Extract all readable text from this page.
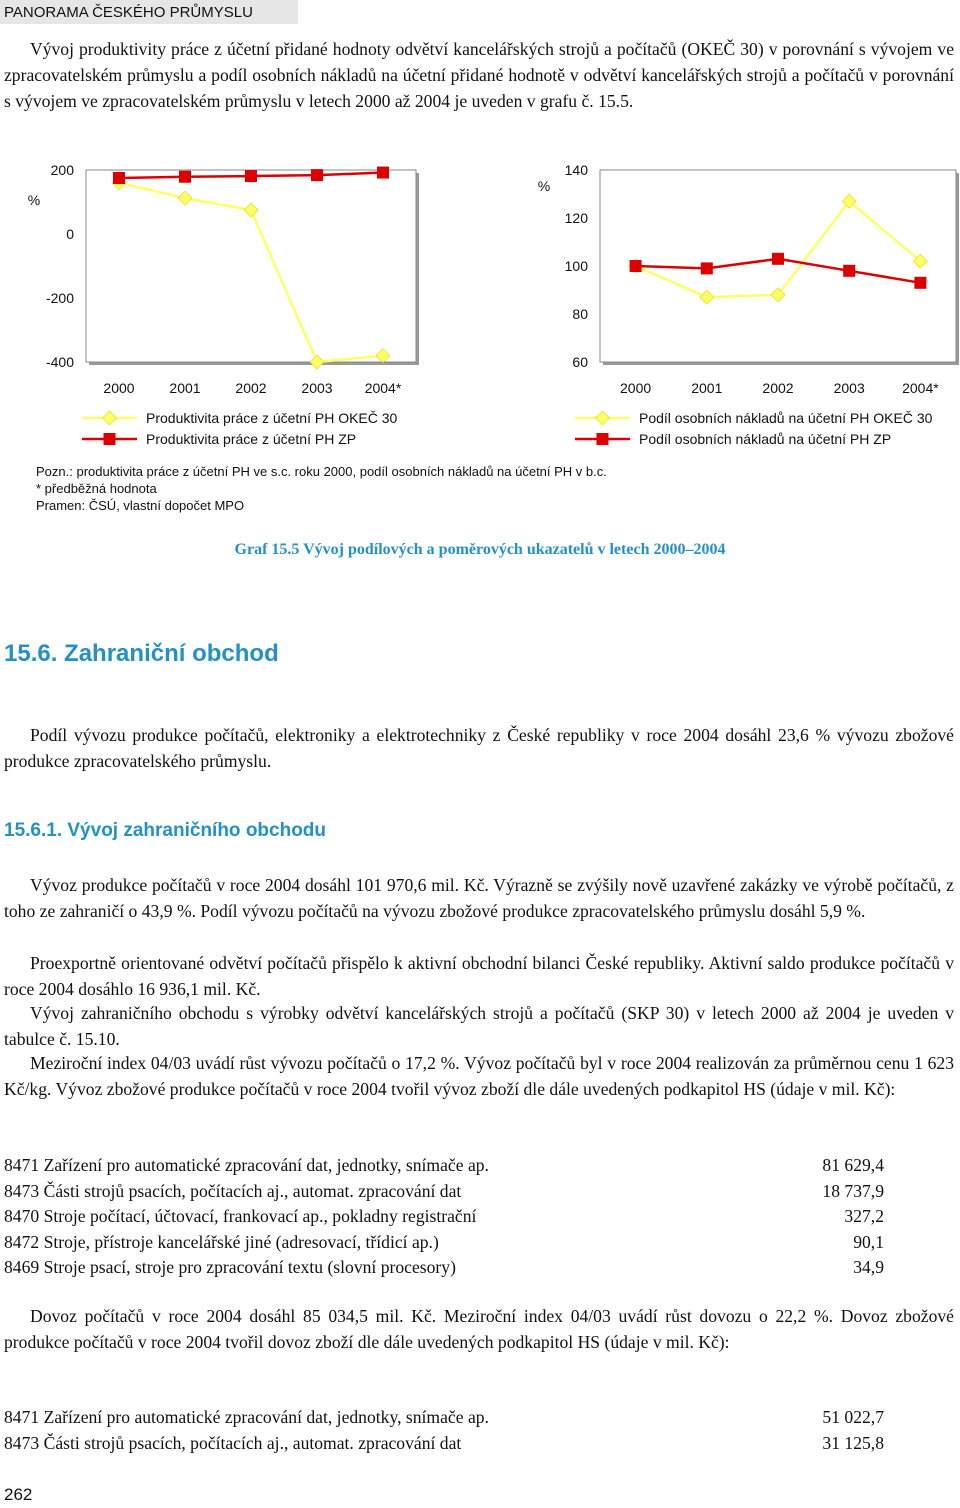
PANORAMA ČESKÉHO PRŮMYSLU
Vývoj produktivity práce z účetní přidané hodnoty odvětví kancelářských strojů a počítačů (OKEČ 30) v porovnání s vývojem ve zpracovatelském průmyslu a podíl osobních nákladů na účetní přidané hodnotě v odvětví kancelářských strojů a počítačů v porovnání s vývojem ve zpracovatelském průmyslu v letech 2000 až 2004 je uveden v grafu č. 15.5.
%
200
0
-200
-400
2000 2001 2002 2003 2004*
Produktivita práce z účetní PH OKEČ 30
Produktivita práce z účetní PH ZP
%
140
120
100
80
60
2000	2001	2002	2003	2004*
Podíl osobních nákladů na účetní PH OKEČ 30
Podíl osobních nákladů na účetní PH ZP
Pozn.: produktivita práce z účetní PH ve s.c. roku 2000, podíl osobních nákladů na účetní PH v b.c.
* předběžná hodnota
Pramen: ČSÚ, vlastní dopočet MPO
Graf 15.5 Vývoj podílových a poměrových ukazatelů v letech 2000–2004
15.6. Zahraniční obchod
Podíl vývozu produkce počítačů, elektroniky a elektrotechniky z České republiky v roce 2004 dosáhl 23,6 % vývozu zbožové produkce zpracovatelského průmyslu.
15.6.1. Vývoj zahraničního obchodu
Vývoz produkce počítačů v roce 2004 dosáhl 101 970,6 mil. Kč. Výrazně se zvýšily nově uzavřené zakázky ve výrobě počítačů, z toho ze zahraničí o 43,9 %. Podíl vývozu počítačů na vývozu zbožové produkce zpracovatelského průmyslu dosáhl 5,9 %.
Proexportně orientované odvětví počítačů přispělo k aktivní obchodní bilanci České republiky. Aktivní saldo produkce počítačů v roce 2004 dosáhlo 16 936,1 mil. Kč.
Vývoj zahraničního obchodu s výrobky odvětví kancelářských strojů a počítačů (SKP 30) v letech 2000 až 2004 je uveden v tabulce č. 15.10.
Meziroční index 04/03 uvádí růst vývozu počítačů o 17,2 %. Vývoz počítačů byl v roce 2004 realizován za průměrnou cenu 1 623 Kč/kg. Vývoz zbožové produkce počítačů v roce 2004 tvořil vývoz zboží dle dále uvedených podkapitol HS (údaje v mil. Kč):
8471 Zařízení pro automatické zpracování dat, jednotky, snímače ap.	81 629,4
8473 Části strojů psacích, počítacích aj., automat. zpracování dat	18 737,9
8470 Stroje počítací, účtovací, frankovací ap., pokladny registrační	327,2
8472 Stroje, přístroje kancelářské jiné (adresovací, třídicí ap.)	90,1
8469 Stroje psací, stroje pro zpracování textu (slovní procesory)	34,9
Dovoz počítačů v roce 2004 dosáhl 85 034,5 mil. Kč. Meziroční index 04/03 uvádí růst dovozu o 22,2 %. Dovoz zbožové produkce počítačů v roce 2004 tvořil dovoz zboží dle dále uvedených podkapitol HS (údaje v mil. Kč):
8471 Zařízení pro automatické zpracování dat, jednotky, snímače ap.	51 022,7
8473 Části strojů psacích, počítacích aj., automat. zpracování dat	31 125,8
262
